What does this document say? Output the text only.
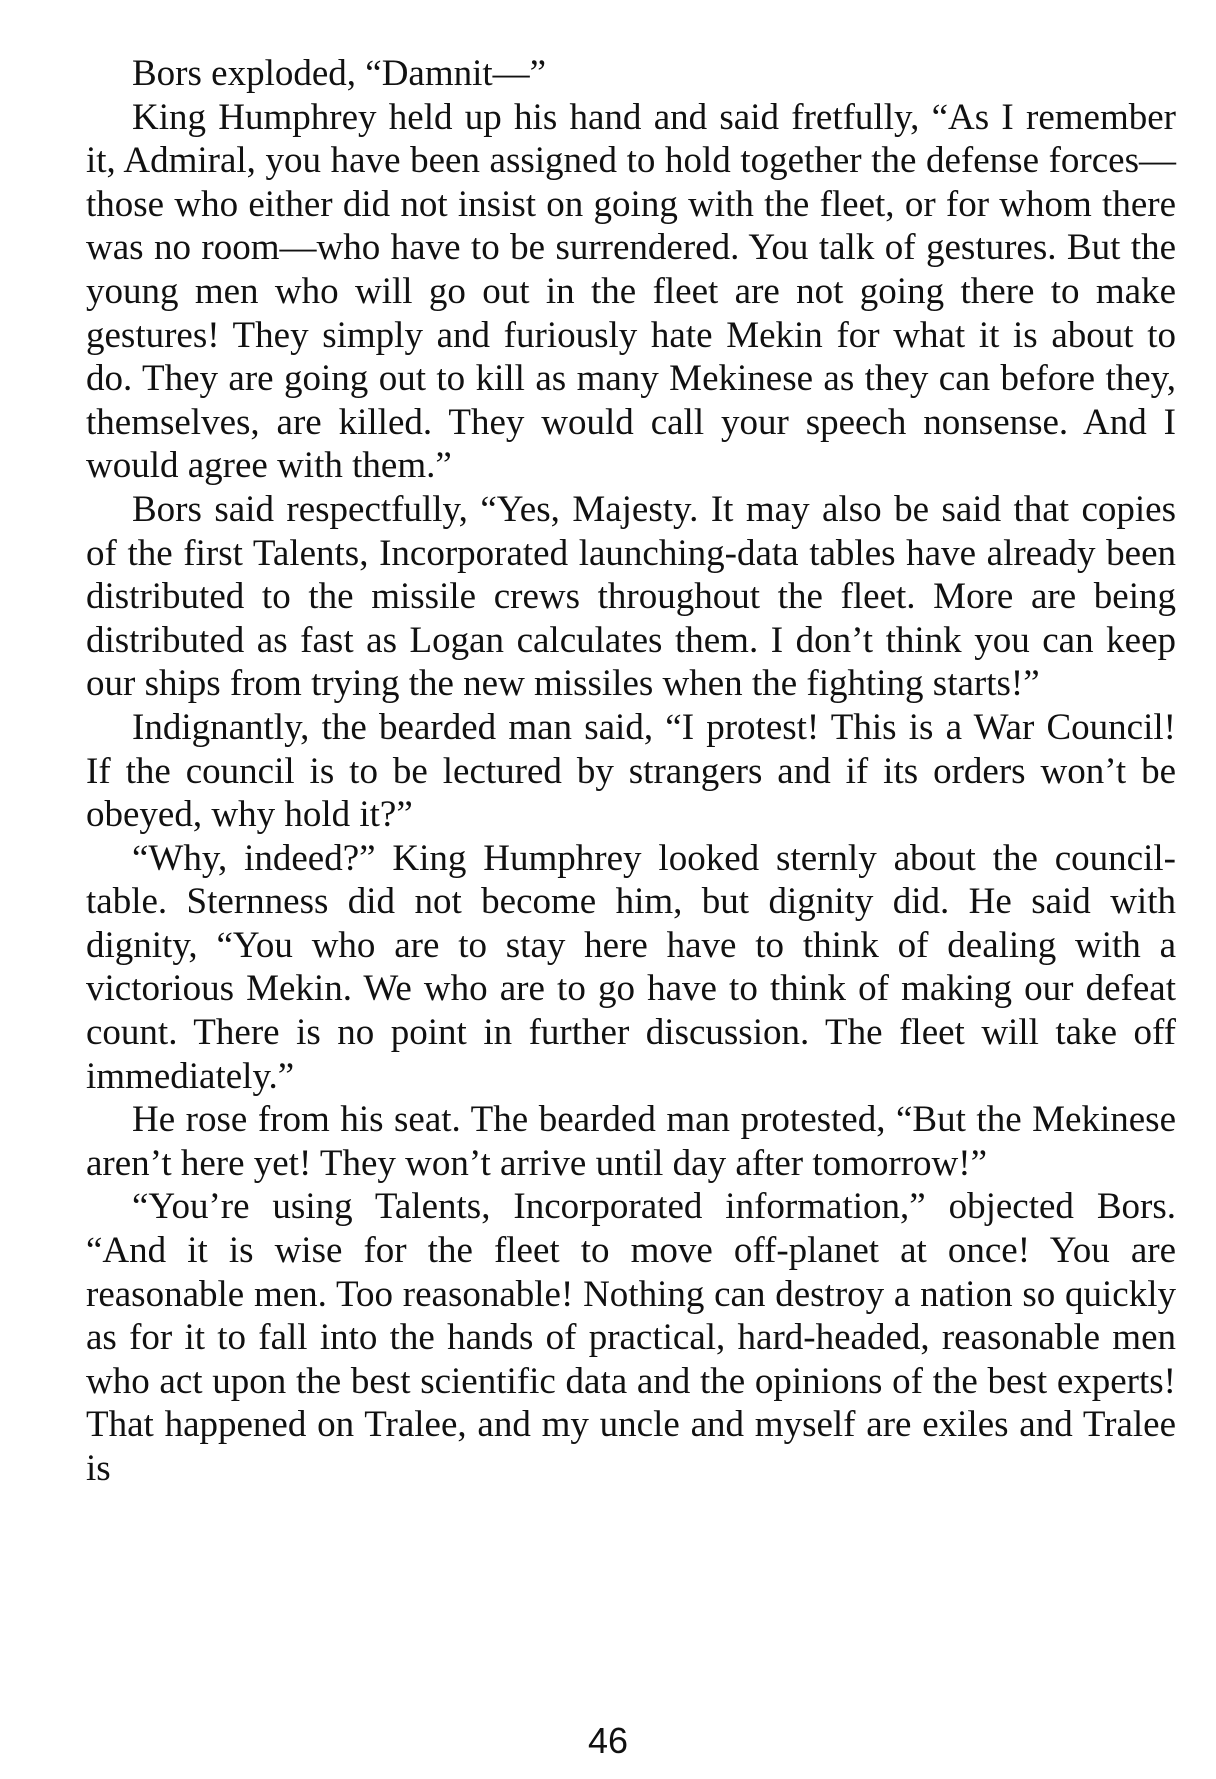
Bors exploded, “Damnit—”

King Humphrey held up his hand and said fretfully, “As I remember it, Admiral, you have been assigned to hold together the defense forces—those who either did not insist on going with the fleet, or for whom there was no room—who have to be surrendered. You talk of gestures. But the young men who will go out in the fleet are not going there to make gestures! They simply and furiously hate Mekin for what it is about to do. They are going out to kill as many Mekinese as they can before they, themselves, are killed. They would call your speech nonsense. And I would agree with them.”

Bors said respectfully, “Yes, Majesty. It may also be said that copies of the first Talents, Incorporated launching-data tables have already been distributed to the missile crews throughout the fleet. More are being distributed as fast as Logan calculates them. I don’t think you can keep our ships from trying the new missiles when the fighting starts!”

Indignantly, the bearded man said, “I protest! This is a War Council! If the council is to be lectured by strangers and if its orders won’t be obeyed, why hold it?”

“Why, indeed?” King Humphrey looked sternly about the council-table. Sternness did not become him, but dignity did. He said with dignity, “You who are to stay here have to think of dealing with a victorious Mekin. We who are to go have to think of making our defeat count. There is no point in further discussion. The fleet will take off immediately.”

He rose from his seat. The bearded man protested, “But the Mekinese aren’t here yet! They won’t arrive until day after tomorrow!”

“You’re using Talents, Incorporated information,” objected Bors. “And it is wise for the fleet to move off-planet at once! You are reasonable men. Too reasonable! Nothing can destroy a nation so quickly as for it to fall into the hands of practical, hard-headed, reasonable men who act upon the best scientific data and the opinions of the best experts! That happened on Tralee, and my uncle and myself are exiles and Tralee is

46
